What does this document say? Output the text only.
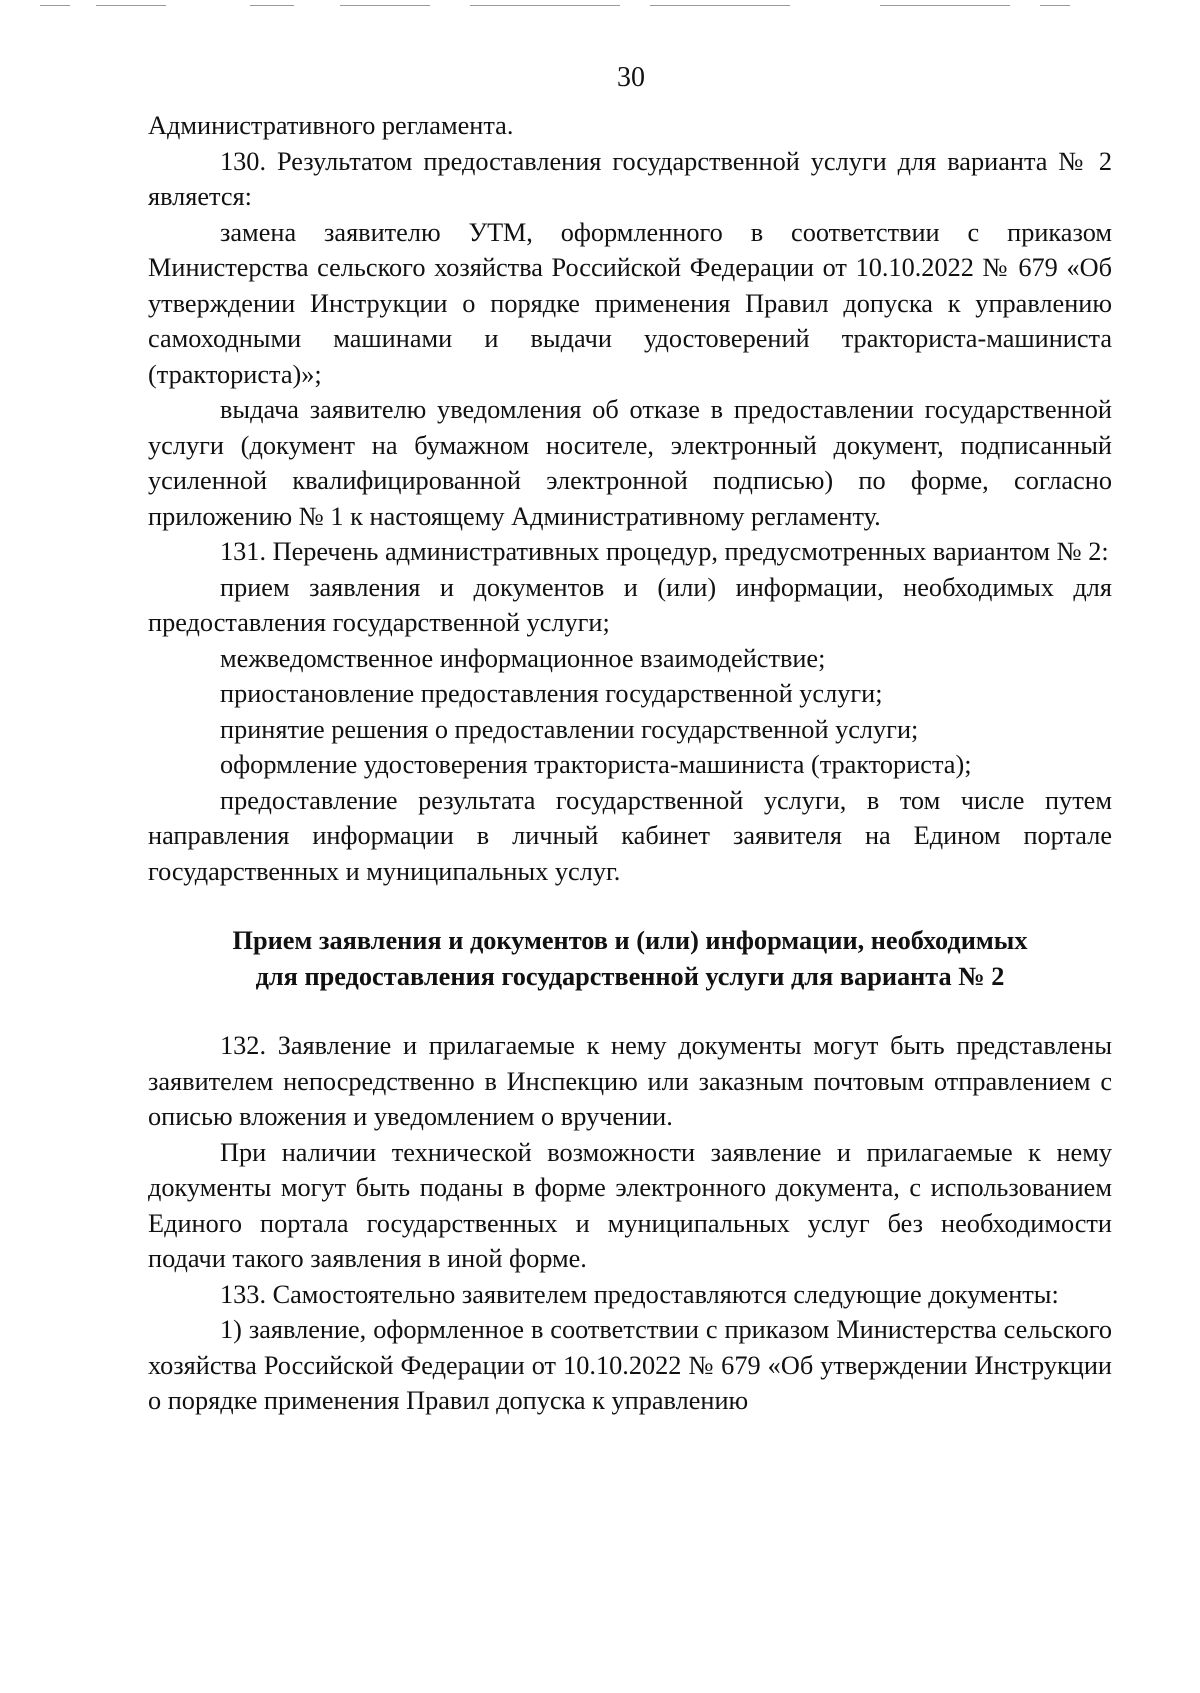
30

Административного регламента.

130. Результатом предоставления государственной услуги для варианта № 2 является:

замена заявителю УТМ, оформленного в соответствии с приказом Министерства сельского хозяйства Российской Федерации от 10.10.2022 № 679 «Об утверждении Инструкции о порядке применения Правил допуска к управлению самоходными машинами и выдачи удостоверений тракториста-машиниста (тракториста)»;

выдача заявителю уведомления об отказе в предоставлении государственной услуги (документ на бумажном носителе, электронный документ, подписанный усиленной квалифицированной электронной подписью) по форме, согласно приложению № 1 к настоящему Административному регламенту.

131. Перечень административных процедур, предусмотренных вариантом № 2:

прием заявления и документов и (или) информации, необходимых для предоставления государственной услуги;

межведомственное информационное взаимодействие;

приостановление предоставления государственной услуги;

принятие решения о предоставлении государственной услуги;

оформление удостоверения тракториста-машиниста (тракториста);

предоставление результата государственной услуги, в том числе путем направления информации в личный кабинет заявителя на Едином портале государственных и муниципальных услуг.

Прием заявления и документов и (или) информации, необходимых
для предоставления государственной услуги для варианта № 2

132. Заявление и прилагаемые к нему документы могут быть представлены заявителем непосредственно в Инспекцию или заказным почтовым отправлением с описью вложения и уведомлением о вручении.

При наличии технической возможности заявление и прилагаемые к нему документы могут быть поданы в форме электронного документа, с использованием Единого портала государственных и муниципальных услуг без необходимости подачи такого заявления в иной форме.

133. Самостоятельно заявителем предоставляются следующие документы:

1) заявление, оформленное в соответствии с приказом Министерства сельского хозяйства Российской Федерации от 10.10.2022 № 679 «Об утверждении Инструкции о порядке применения Правил допуска к управлению
